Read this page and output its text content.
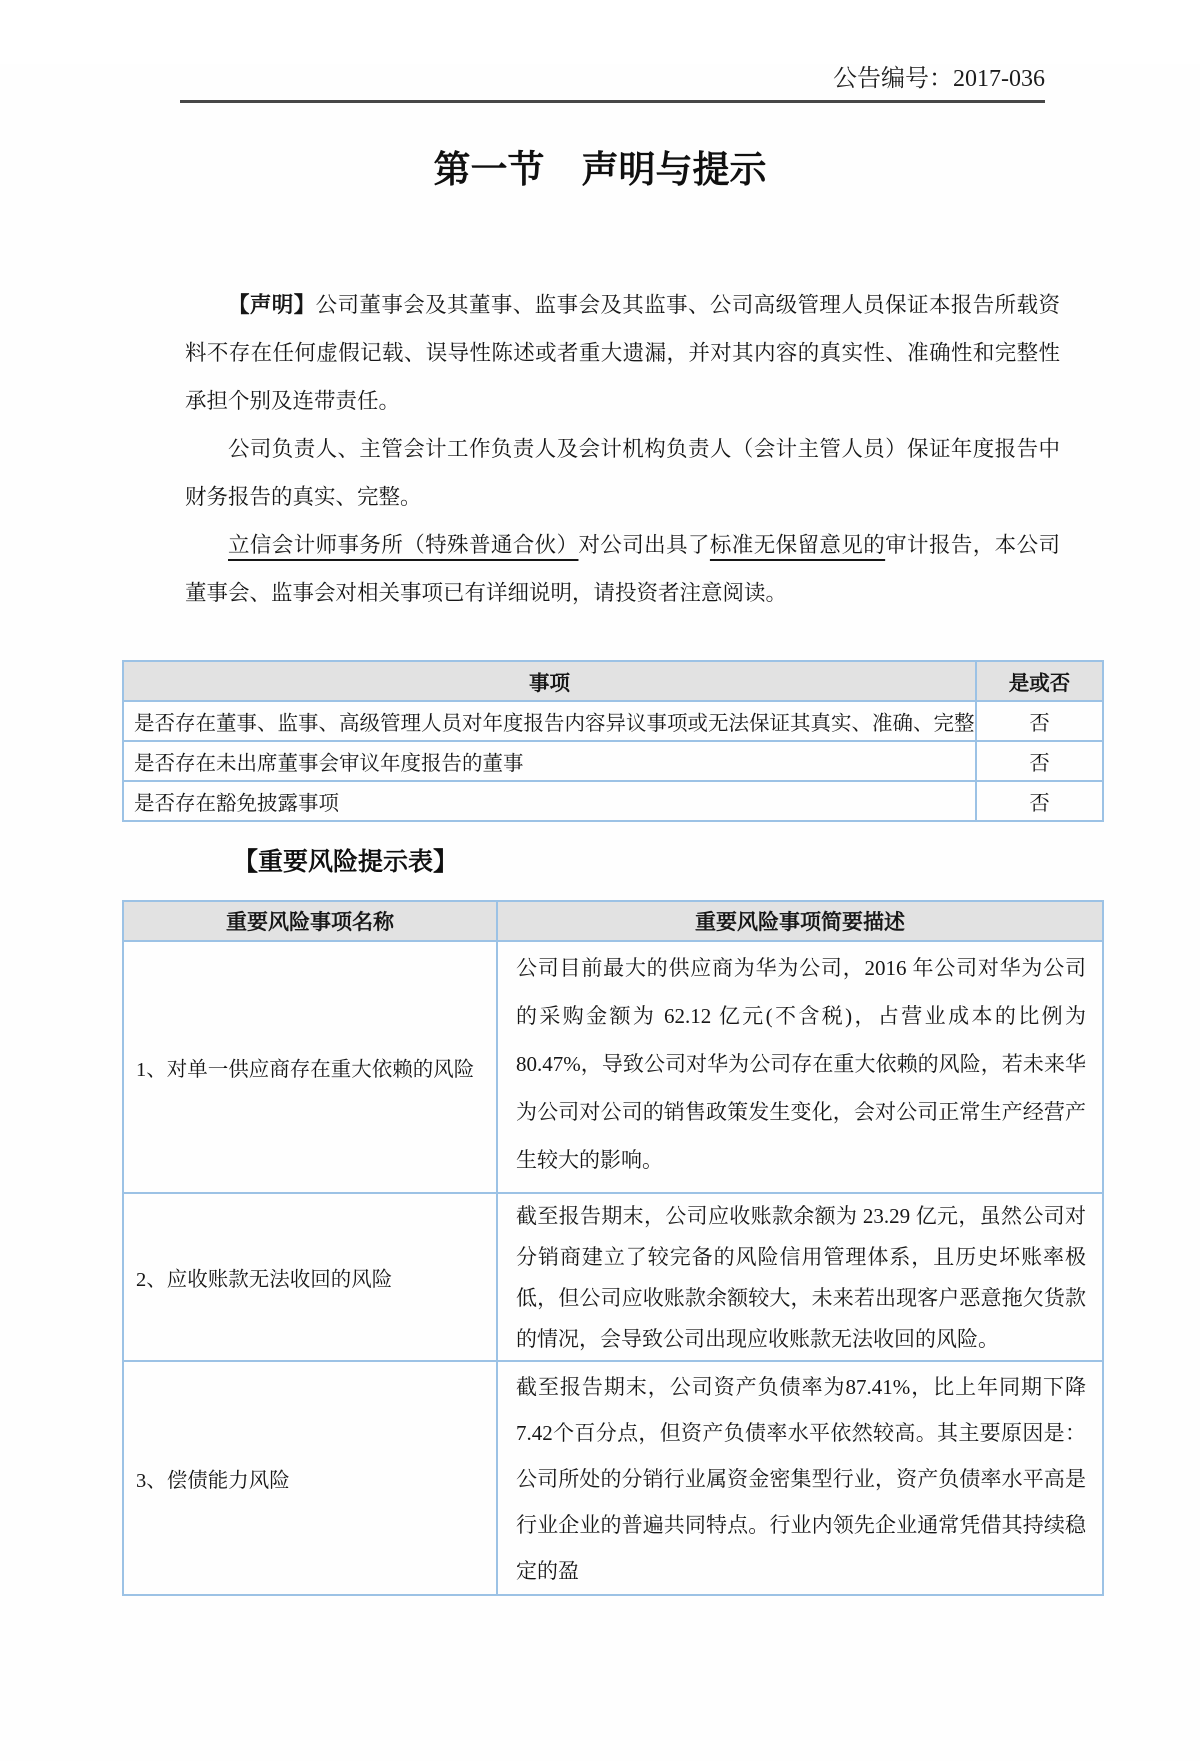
公告编号：2017-036
第一节　声明与提示

【声明】公司董事会及其董事、监事会及其监事、公司高级管理人员保证本报告所载资料不存在任何虚假记载、误导性陈述或者重大遗漏，并对其内容的真实性、准确性和完整性承担个别及连带责任。

公司负责人、主管会计工作负责人及会计机构负责人（会计主管人员）保证年度报告中财务报告的真实、完整。

立信会计师事务所（特殊普通合伙）对公司出具了标准无保留意见的审计报告，本公司董事会、监事会对相关事项已有详细说明，请投资者注意阅读。

事项	是或否
是否存在董事、监事、高级管理人员对年度报告内容异议事项或无法保证其真实、准确、完整	否
是否存在未出席董事会审议年度报告的董事	否
是否存在豁免披露事项	否
【重要风险提示表】
重要风险事项名称	重要风险事项简要描述
1、对单一供应商存在重大依赖的风险	公司目前最大的供应商为华为公司，2016 年公司对华为公司的采购金额为 62.12 亿元(不含税)，占营业成本的比例为 80.47%，导致公司对华为公司存在重大依赖的风险，若未来华为公司对公司的销售政策发生变化，会对公司正常生产经营产生较大的影响。
2、应收账款无法收回的风险	截至报告期末，公司应收账款余额为 23.29 亿元，虽然公司对分销商建立了较完备的风险信用管理体系，且历史坏账率极低，但公司应收账款余额较大，未来若出现客户恶意拖欠货款的情况，会导致公司出现应收账款无法收回的风险。
3、偿债能力风险	截至报告期末，公司资产负债率为87.41%，比上年同期下降7.42个百分点，但资产负债率水平依然较高。其主要原因是：公司所处的分销行业属资金密集型行业，资产负债率水平高是行业企业的普遍共同特点。行业内领先企业通常凭借其持续稳定的盈
